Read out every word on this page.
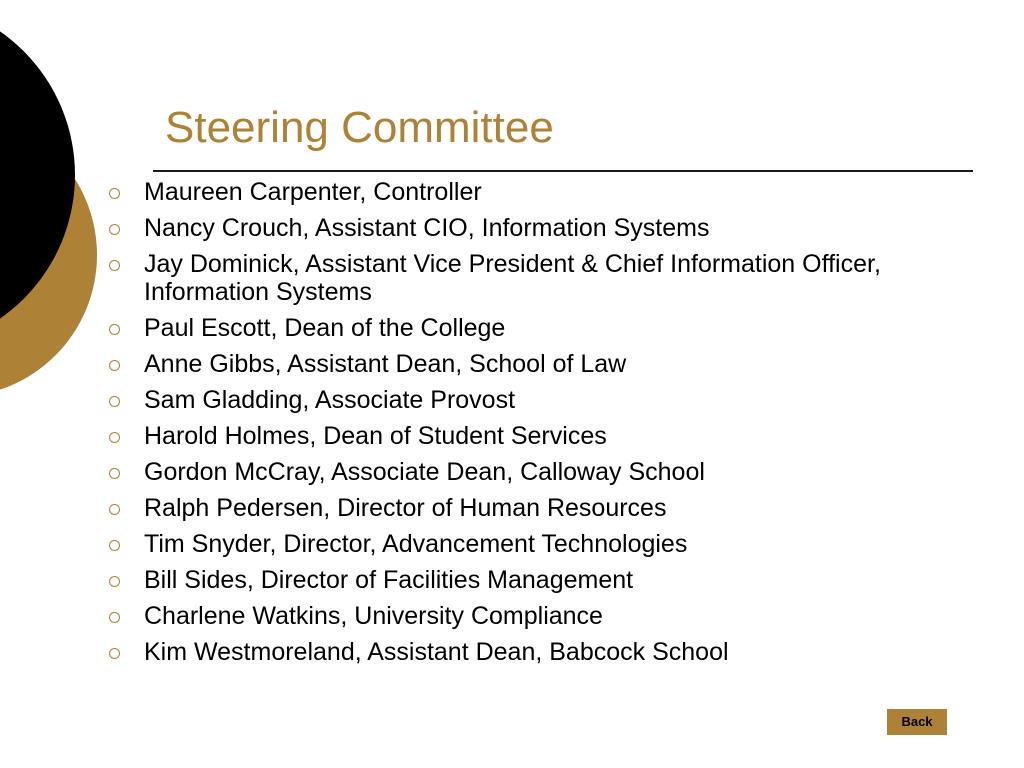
Steering Committee
Maureen Carpenter, Controller
Nancy Crouch, Assistant CIO, Information Systems
Jay Dominick, Assistant Vice President & Chief Information Officer, Information Systems
Paul Escott, Dean of the College
Anne Gibbs, Assistant Dean, School of Law
Sam Gladding, Associate Provost
Harold Holmes, Dean of Student Services
Gordon McCray, Associate Dean, Calloway School
Ralph Pedersen, Director of Human Resources
Tim Snyder, Director, Advancement Technologies
Bill Sides, Director of Facilities Management
Charlene Watkins, University Compliance
Kim Westmoreland, Assistant Dean, Babcock School
Back
